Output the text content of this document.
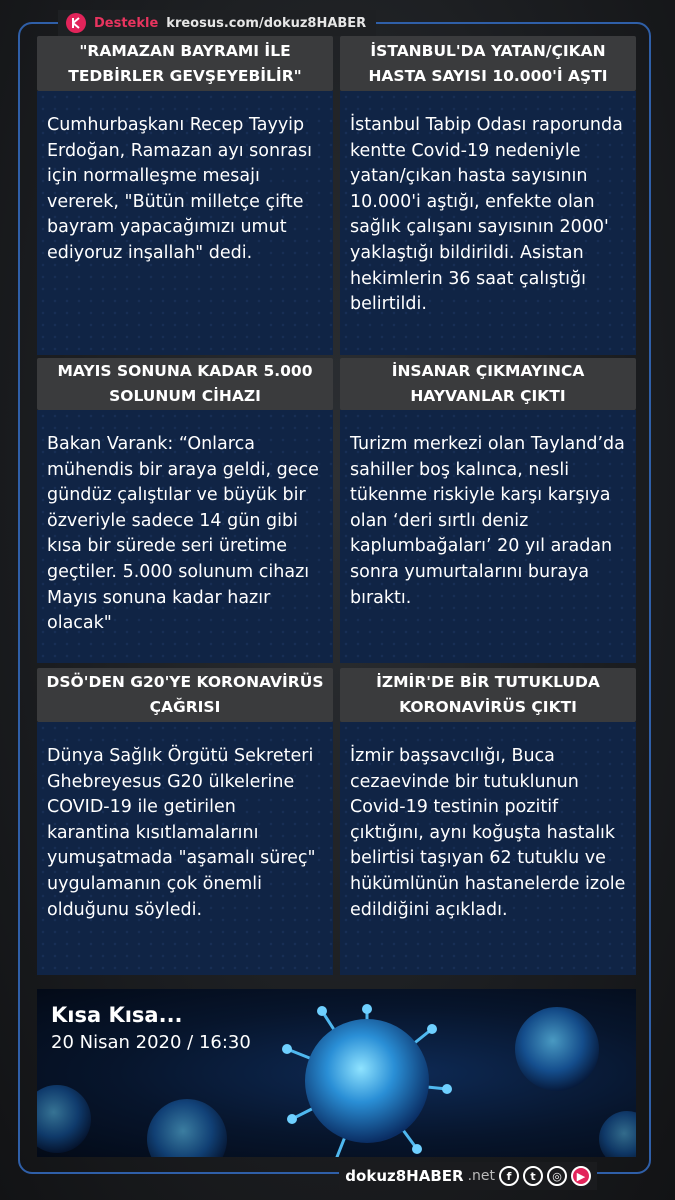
Destekle kreosus.com/dokuz8HABER
"RAMAZAN BAYRAMI İLE TEDBİRLER GEVŞEYEBİLİR"
Cumhurbaşkanı Recep Tayyip Erdoğan, Ramazan ayı sonrası için normalleşme mesajı vererek, "Bütün milletçe çifte bayram yapacağımızı umut ediyoruz inşallah" dedi.
İSTANBUL'DA YATAN/ÇIKAN HASTA SAYISI 10.000'İ AŞTI
İstanbul Tabip Odası raporunda kentte Covid-19 nedeniyle yatan/çıkan hasta sayısının 10.000'i aştığı, enfekte olan sağlık çalışanı sayısının 2000' yaklaştığı bildirildi. Asistan hekimlerin 36 saat çalıştığı belirtildi.
MAYIS SONUNA KADAR 5.000 SOLUNUM CİHAZI
Bakan Varank: “Onlarca mühendis bir araya geldi, gece gündüz çalıştılar ve büyük bir özveriyle sadece 14 gün gibi kısa bir sürede seri üretime geçtiler. 5.000 solunum cihazı Mayıs sonuna kadar hazır olacak"
İNSANAR ÇIKMAYINCA HAYVANLAR ÇIKTI
Turizm merkezi olan Tayland’da sahiller boş kalınca, nesli tükenme riskiyle karşı karşıya olan ‘deri sırtlı deniz kaplumbağaları’ 20 yıl aradan sonra yumurtalarını buraya bıraktı.
DSÖ'DEN G20'YE KORONAVİRÜS ÇAĞRISI
Dünya Sağlık Örgütü Sekreteri Ghebreyesus G20 ülkelerine COVID-19 ile getirilen karantina kısıtlamalarını yumuşatmada "aşamalı süreç" uygulamanın çok önemli olduğunu söyledi.
İZMİR'DE BİR TUTUKLUDA KORONAVİRÜS ÇIKTI
İzmir başsavcılığı, Buca cezaevinde bir tutuklunun Covid-19 testinin pozitif çıktığını, aynı koğuşta hastalık belirtisi taşıyan 62 tutuklu ve hükümlünün hastanelerde izole edildiğini açıkladı.
Kısa Kısa...
20 Nisan 2020 / 16:30
dokuz8HABER .net	f	t	◎	▶
